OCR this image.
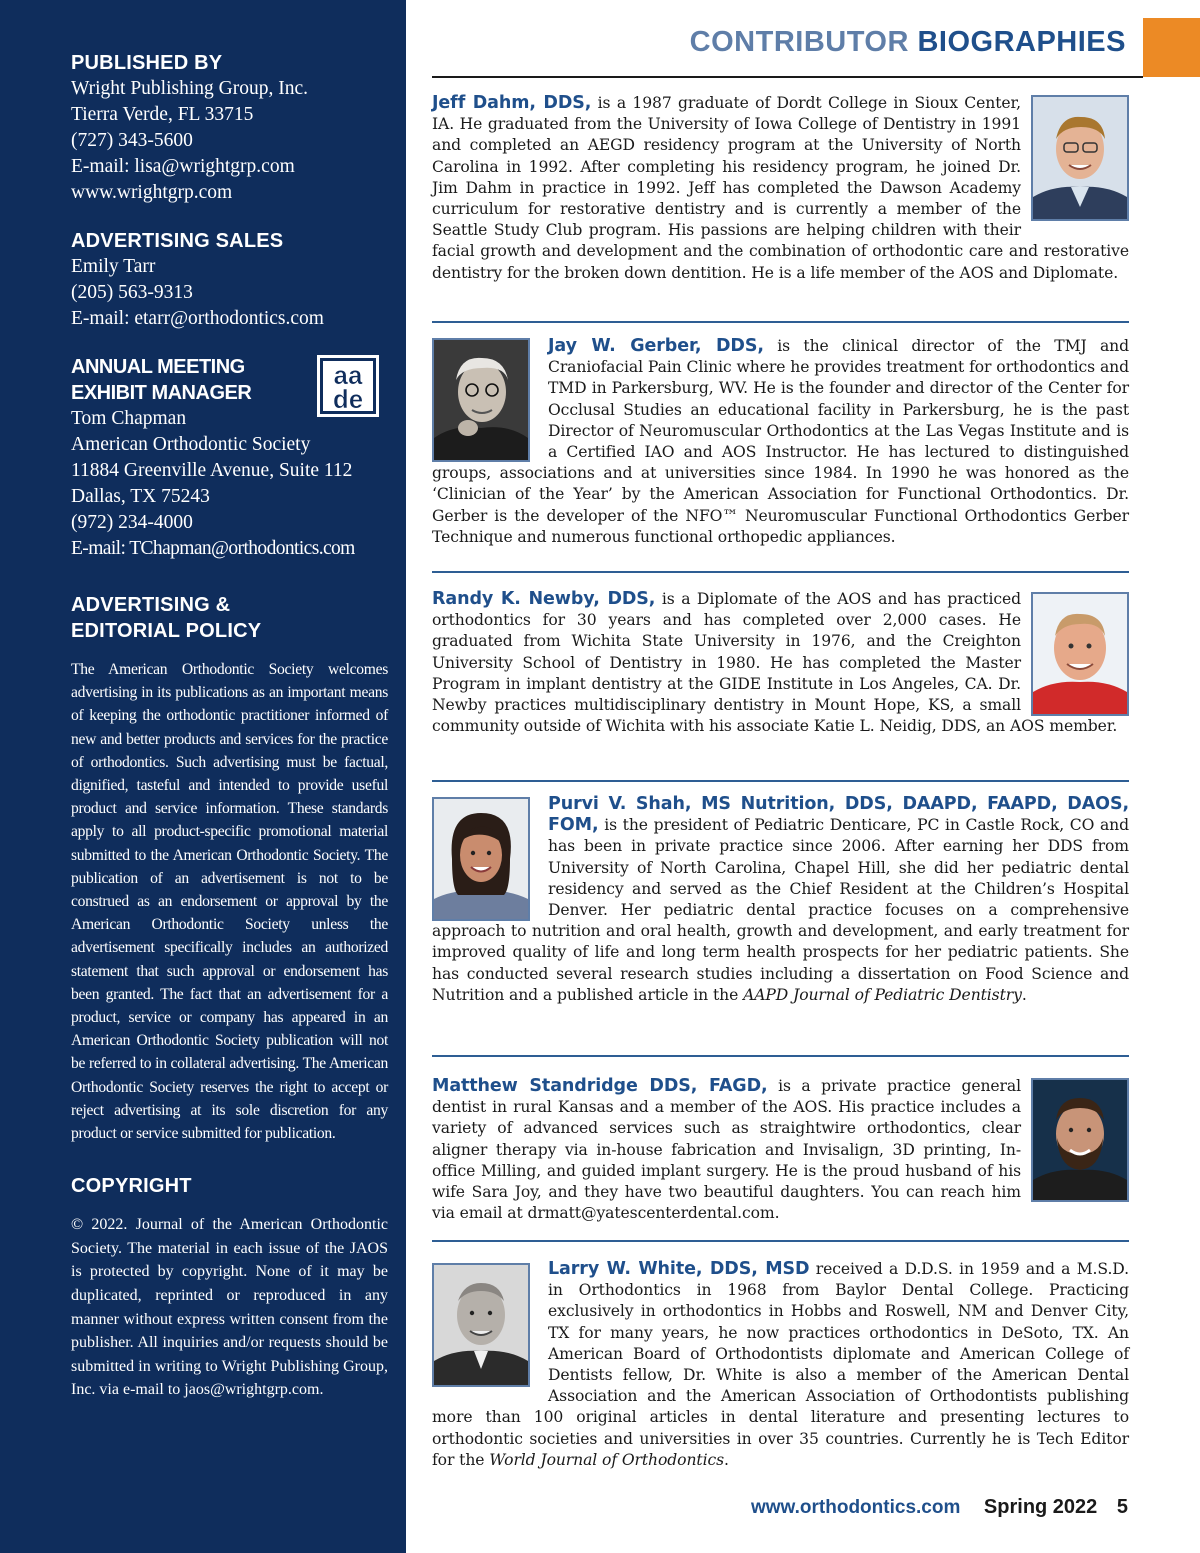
PUBLISHED BY
Wright Publishing Group, Inc.
Tierra Verde, FL 33715
(727) 343-5600
E-mail: lisa@wrightgrp.com
www.wrightgrp.com
ADVERTISING SALES
Emily Tarr
(205) 563-9313
E-mail: etarr@orthodontics.com
aa
de
ANNUAL MEETING
EXHIBIT MANAGER
Tom Chapman
American Orthodontic Society
11884 Greenville Avenue, Suite 112
Dallas, TX 75243
(972) 234-4000
E-mail: TChapman@orthodontics.com
ADVERTISING &
EDITORIAL POLICY
The American Orthodontic Society welcomes advertising in its publications as an important means of keeping the orthodontic practitioner informed of new and better products and services for the practice of orthodontics. Such advertising must be factual, dignified, tasteful and intended to provide useful product and service information. These standards apply to all product-specific promotional material submitted to the American Orthodontic Society. The publication of an advertisement is not to be construed as an endorsement or approval by the American Orthodontic Society unless the advertisement specifically includes an authorized statement that such approval or endorsement has been granted. The fact that an advertisement for a product, service or company has appeared in an American Orthodontic Society publication will not be referred to in collateral advertising. The American Orthodontic Society reserves the right to accept or reject advertising at its sole discretion for any product or service submitted for publication.
COPYRIGHT
© 2022. Journal of the American Orthodontic Society. The material in each issue of the JAOS is protected by copyright. None of it may be duplicated, reprinted or reproduced in any manner without express written consent from the publisher. All inquiries and/or requests should be submitted in writing to Wright Publishing Group, Inc. via e-mail to jaos@wrightgrp.com.
CONTRIBUTOR BIOGRAPHIES

Jeff Dahm, DDS, is a 1987 graduate of Dordt College in Sioux Center, IA. He graduated from the University of Iowa College of Dentistry in 1991 and completed an AEGD residency program at the University of North Carolina in 1992. After completing his residency program, he joined Dr. Jim Dahm in practice in 1992. Jeff has completed the Dawson Academy curriculum for restorative dentistry and is currently a member of the Seattle Study Club program. His passions are helping children with their facial growth and development and the combination of orthodontic care and restorative dentistry for the broken down dentition. He is a life member of the AOS and Diplomate.

Jay W. Gerber, DDS, is the clinical director of the TMJ and Craniofacial Pain Clinic where he provides treatment for orthodontics and TMD in Parkersburg, WV. He is the founder and director of the Center for Occlusal Studies an educational facility in Parkersburg, he is the past Director of Neuromuscular Orthodontics at the Las Vegas Institute and is a Certified IAO and AOS Instructor. He has lectured to distinguished groups, associations and at universities since 1984. In 1990 he was honored as the ‘Clinician of the Year’ by the American Association for Functional Orthodontics. Dr. Gerber is the developer of the NFO™ Neuromuscular Functional Orthodontics Gerber Technique and numerous functional orthopedic appliances.

Randy K. Newby, DDS, is a Diplomate of the AOS and has practiced orthodontics for 30 years and has completed over 2,000 cases. He graduated from Wichita State University in 1976, and the Creighton University School of Dentistry in 1980. He has completed the Master Program in implant dentistry at the GIDE Institute in Los Angeles, CA. Dr. Newby practices multidisciplinary dentistry in Mount Hope, KS, a small community outside of Wichita with his associate Katie L. Neidig, DDS, an AOS member.

Purvi V. Shah, MS Nutrition, DDS, DAAPD, FAAPD, DAOS, FOM, is the president of Pediatric Denticare, PC in Castle Rock, CO and has been in private practice since 2006. After earning her DDS from University of North Carolina, Chapel Hill, she did her pediatric dental residency and served as the Chief Resident at the Children’s Hospital Denver. Her pediatric dental practice focuses on a comprehensive approach to nutrition and oral health, growth and development, and early treatment for improved quality of life and long term health prospects for her pediatric patients. She has conducted several research studies including a dissertation on Food Science and Nutrition and a published article in the AAPD Journal of Pediatric Dentistry.

Matthew Standridge DDS, FAGD, is a private practice general dentist in rural Kansas and a member of the AOS. His practice includes a variety of advanced services such as straightwire orthodontics, clear aligner therapy via in-house fabrication and Invisalign, 3D printing, In-office Milling, and guided implant surgery. He is the proud husband of his wife Sara Joy, and they have two beautiful daughters. You can reach him via email at drmatt@yatescenterdental.com.

Larry W. White, DDS, MSD received a D.D.S. in 1959 and a M.S.D. in Orthodontics in 1968 from Baylor Dental College. Practicing exclusively in orthodontics in Hobbs and Roswell, NM and Denver City, TX for many years, he now practices orthodontics in DeSoto, TX. An American Board of Orthodontists diplomate and American College of Dentists fellow, Dr. White is also a member of the American Dental Association and the American Association of Orthodontists publishing more than 100 original articles in dental literature and presenting lectures to orthodontic societies and universities in over 35 countries. Currently he is Tech Editor for the World Journal of Orthodontics.

www.orthodontics.com Spring 2022 5
